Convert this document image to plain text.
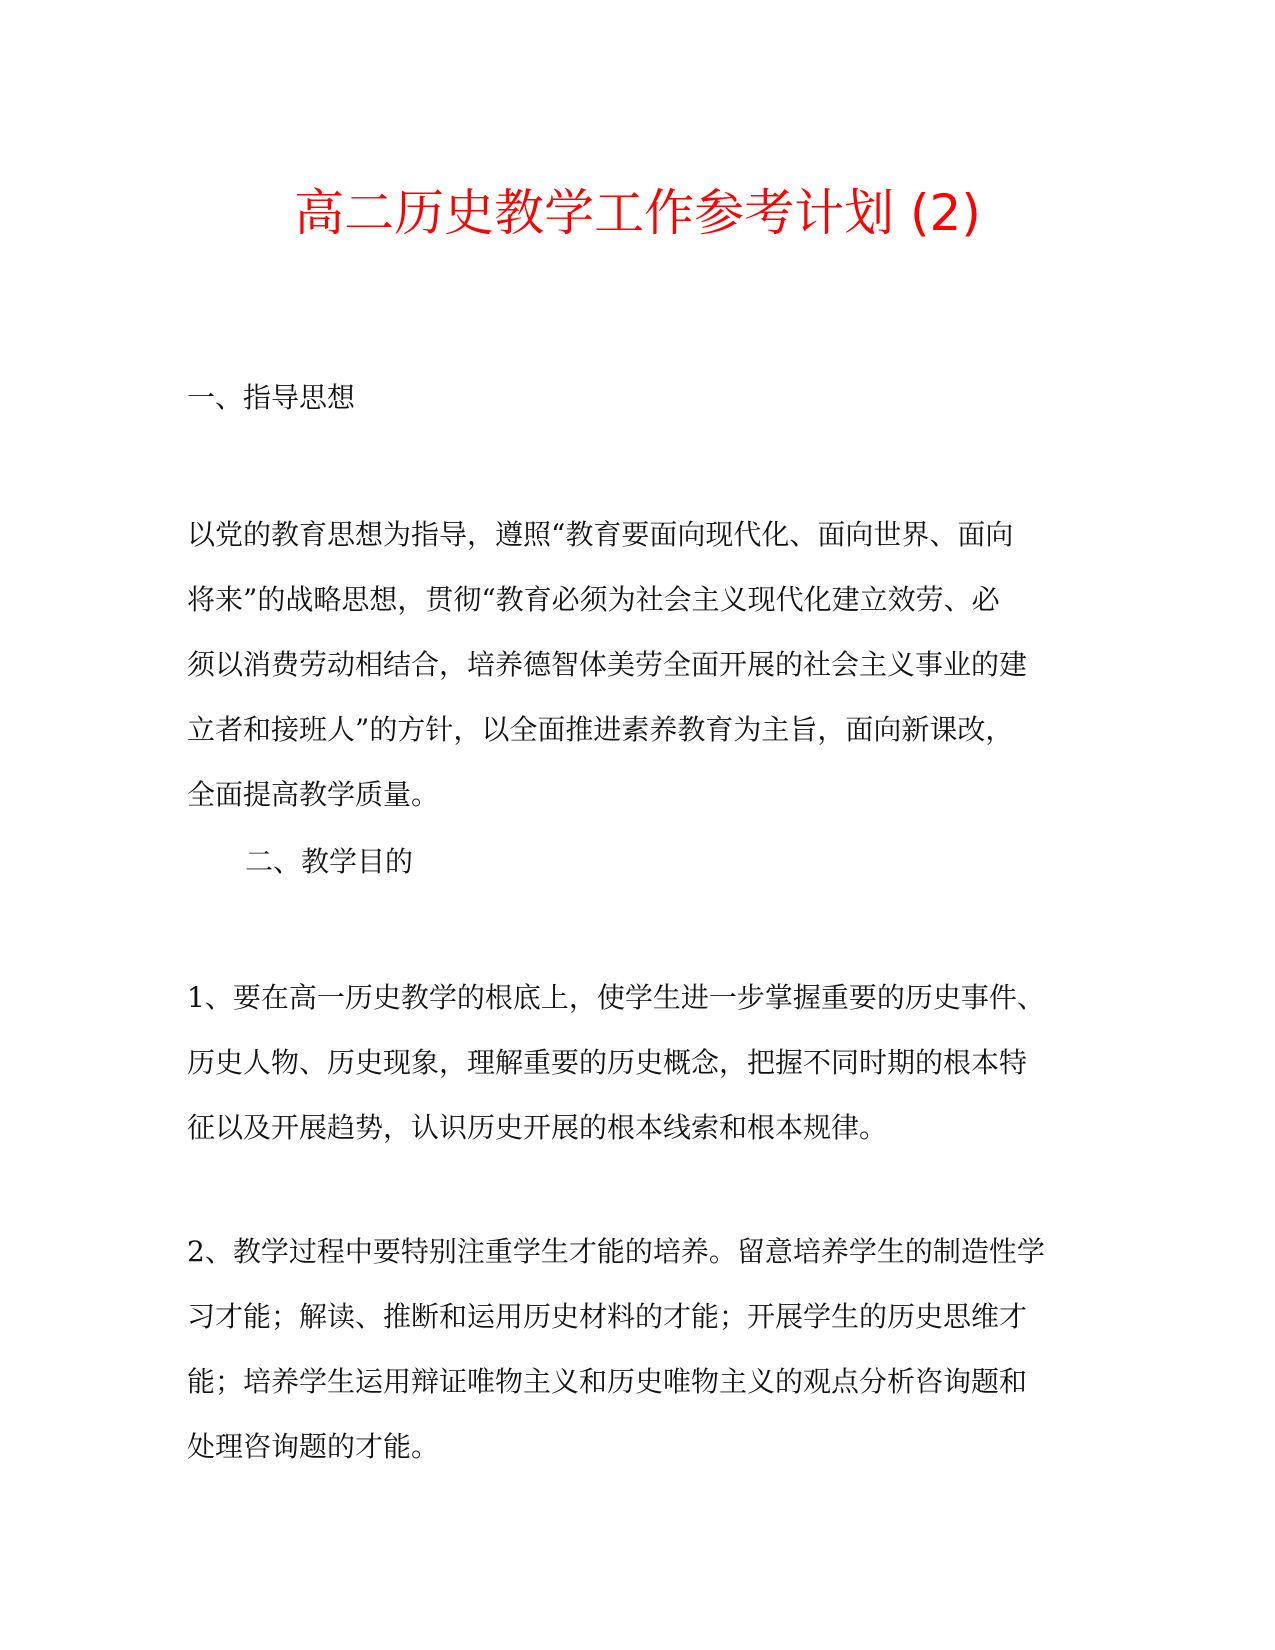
高二历史教学工作参考计划 (2)
一、指导思想
以党的教育思想为指导，遵照“教育要面向现代化、面向世界、面向
将来”的战略思想，贯彻“教育必须为社会主义现代化建立效劳、必
须以消费劳动相结合，培养德智体美劳全面开展的社会主义事业的建
立者和接班人”的方针，以全面推进素养教育为主旨，面向新课改，
全面提高教学质量。
二、教学目的
1、要在高一历史教学的根底上，使学生进一步掌握重要的历史事件、
历史人物、历史现象，理解重要的历史概念，把握不同时期的根本特
征以及开展趋势，认识历史开展的根本线索和根本规律。
2、教学过程中要特别注重学生才能的培养。留意培养学生的制造性学
习才能；解读、推断和运用历史材料的才能；开展学生的历史思维才
能；培养学生运用辩证唯物主义和历史唯物主义的观点分析咨询题和
处理咨询题的才能。
